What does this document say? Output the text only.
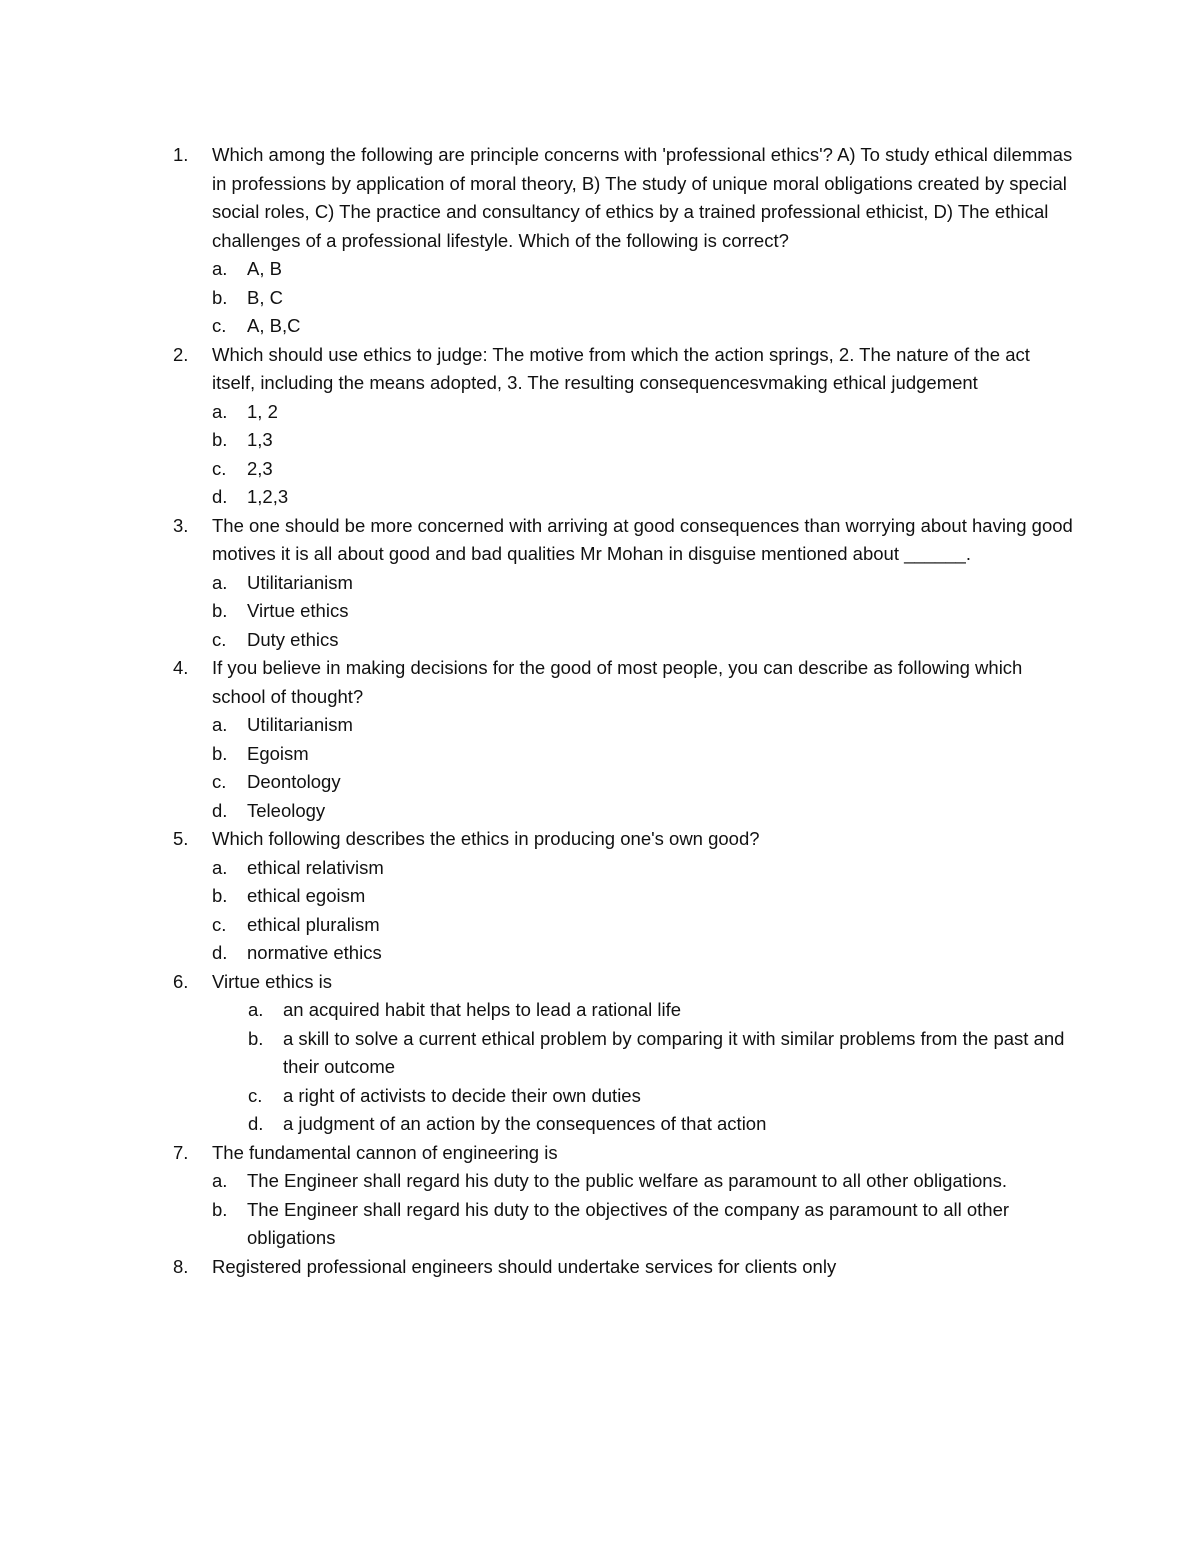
1.	Which among the following are principle concerns with 'professional ethics'? A) To study ethical dilemmas in professions by application of moral theory, B) The study of unique moral obligations created by special social roles, C) The practice and consultancy of ethics by a trained professional ethicist, D) The ethical challenges of a professional lifestyle. Which of the following is correct?
a.	A, B
b.	B, C
c.	A, B,C
2.	Which should use ethics to judge: The motive from which the action springs, 2. The nature of the act itself, including the means adopted, 3. The resulting consequencesvmaking ethical judgement
a.	1, 2
b.	1,3
c.	2,3
d.	1,2,3
3.	The one should be more concerned with arriving at good consequences than worrying about having good motives it is all about good and bad qualities Mr Mohan in disguise mentioned about ______.
a.	Utilitarianism
b.	Virtue ethics
c.	Duty ethics
4.	If you believe in making decisions for the good of most people, you can describe as following which school of thought?
a.	Utilitarianism
b.	Egoism
c.	Deontology
d.	Teleology
5.	Which following describes the ethics in producing one's own good?
a.	ethical relativism
b.	ethical egoism
c.	ethical pluralism
d.	normative ethics
6.	Virtue ethics is
a.	an acquired habit that helps to lead a rational life
b.	a skill to solve a current ethical problem by comparing it with similar problems from the past and their outcome
c.	a right of activists to decide their own duties
d.	a judgment of an action by the consequences of that action
7.	The fundamental cannon of engineering is
a.	The Engineer shall regard his duty to the public welfare as paramount to all other obligations.
b.	The Engineer shall regard his duty to the objectives of the company as paramount to all other obligations
8.	Registered professional engineers should undertake services for clients only
